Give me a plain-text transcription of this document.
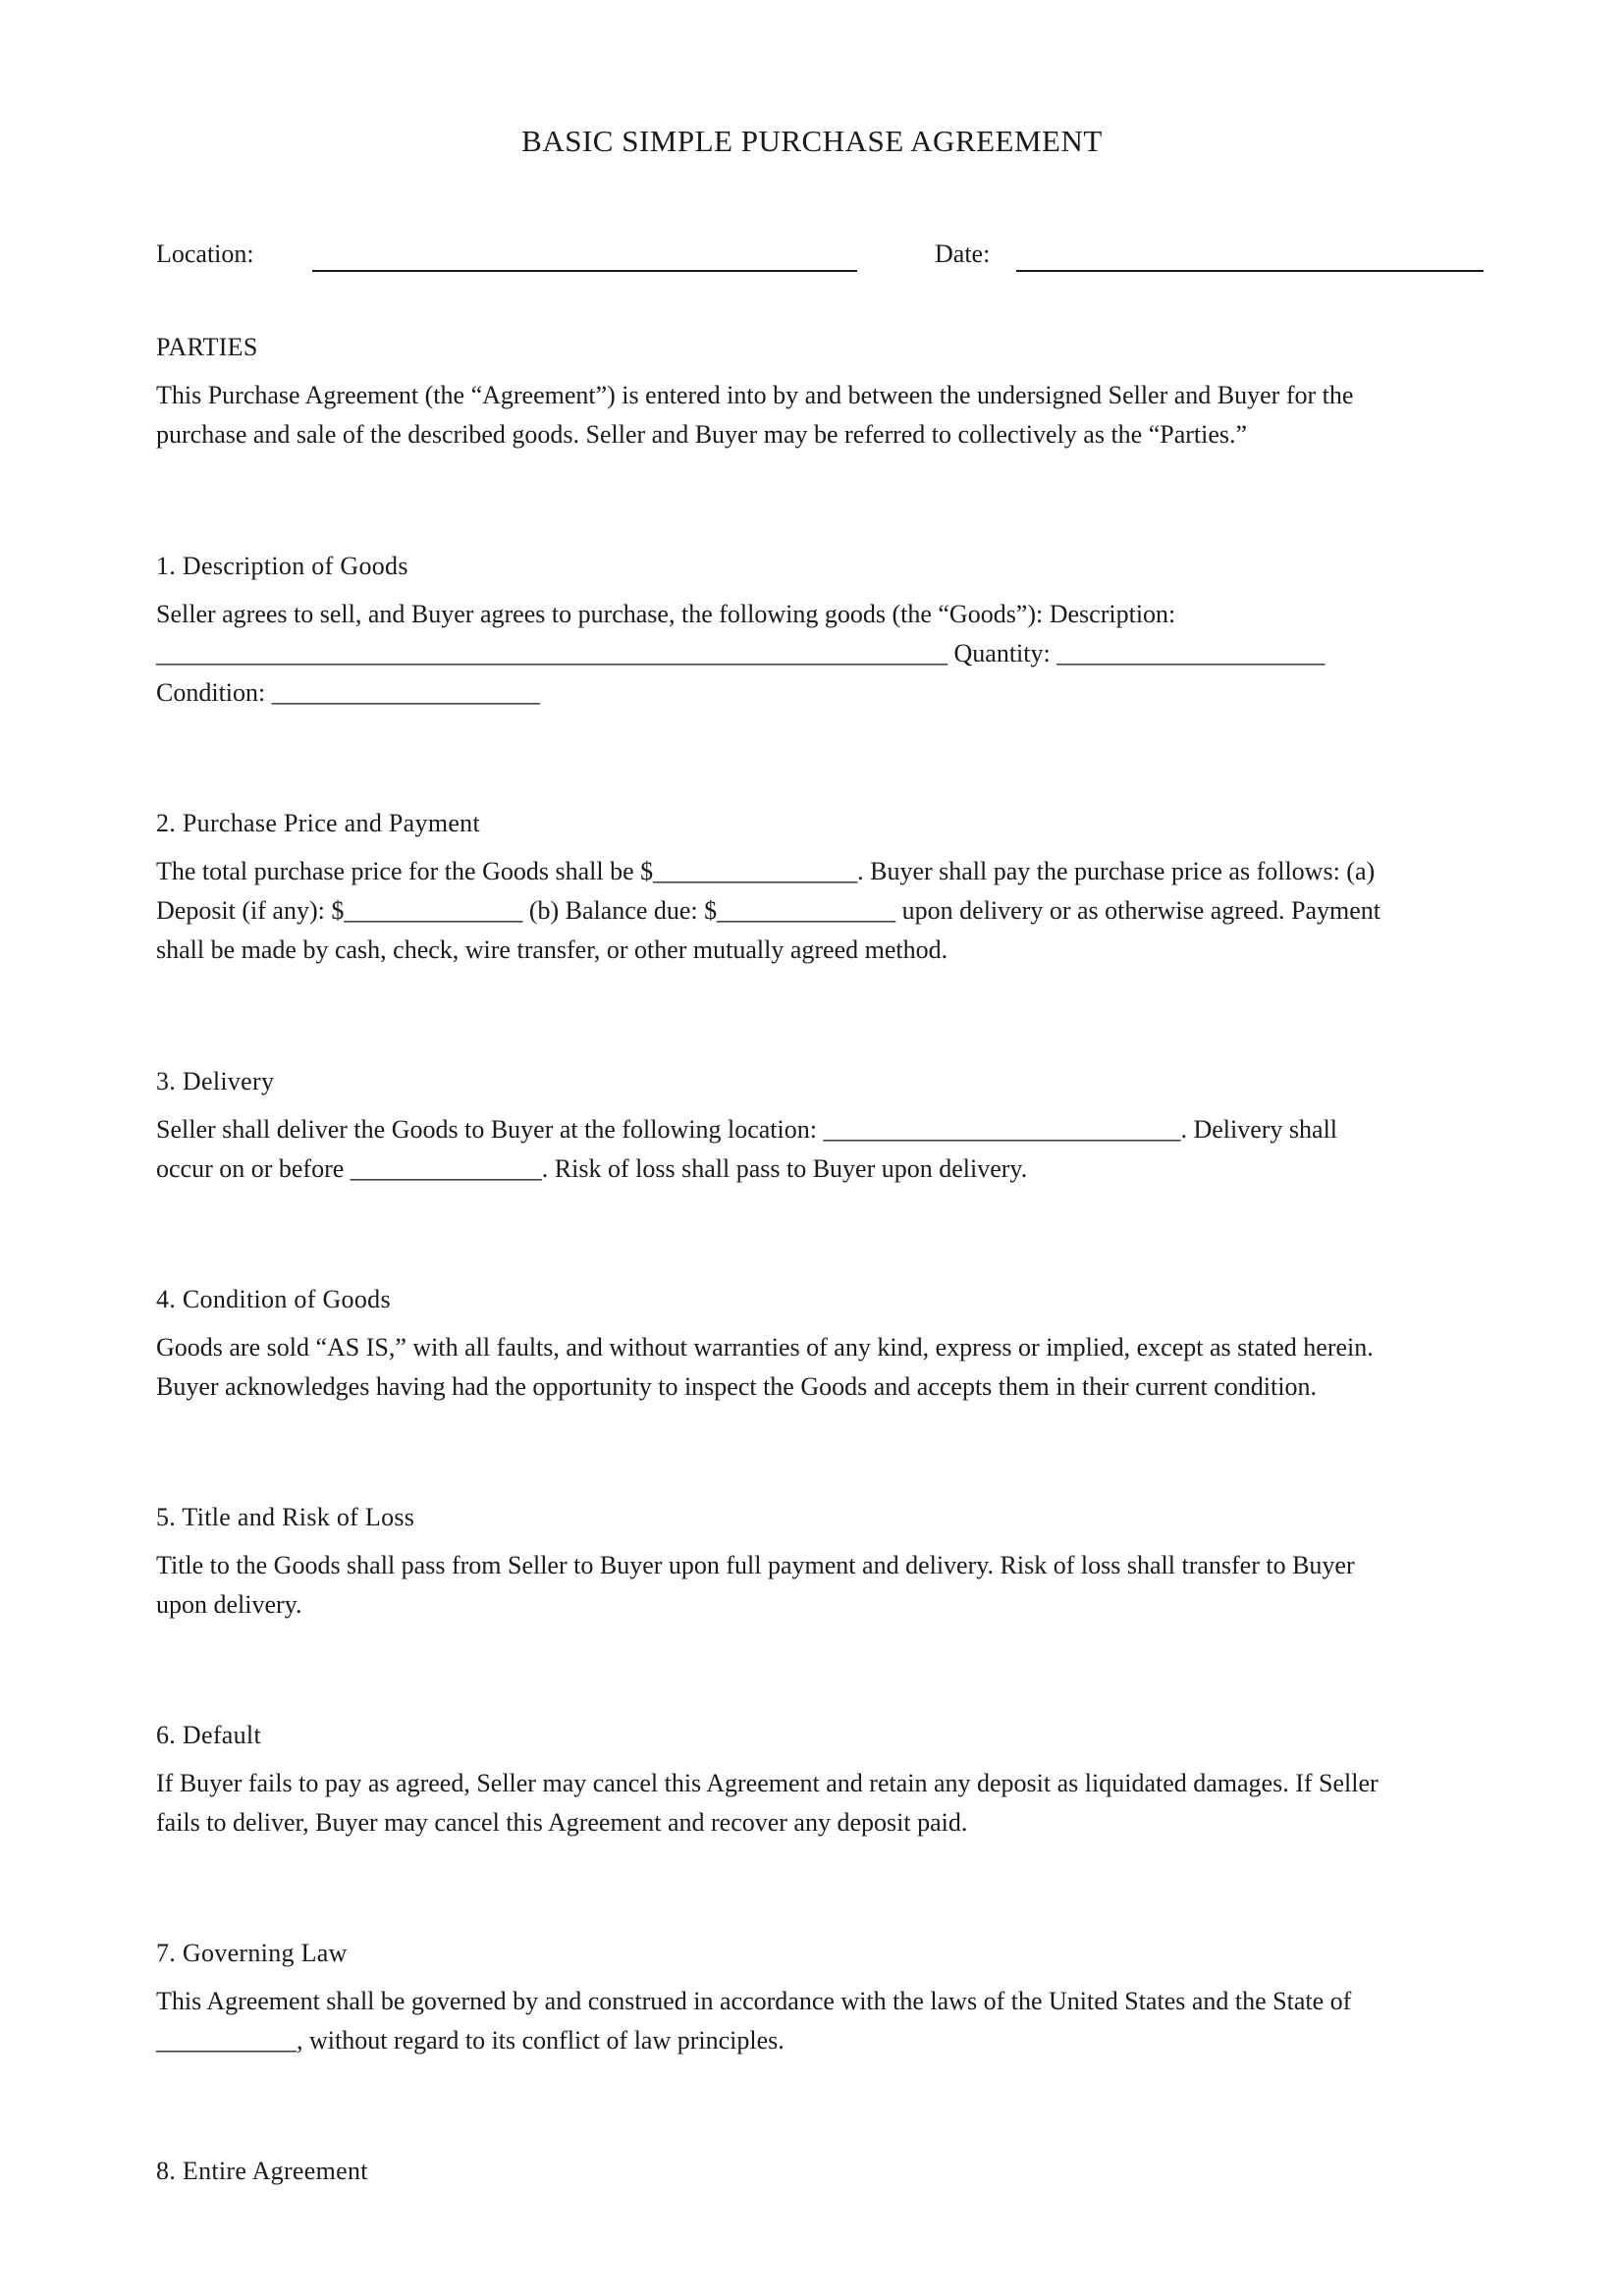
BASIC SIMPLE PURCHASE AGREEMENT
Location:	Date:
PARTIES

This Purchase Agreement (the “Agreement”) is entered into by and between the undersigned Seller and Buyer for the
purchase and sale of the described goods. Seller and Buyer may be referred to collectively as the “Parties.”

1. Description of Goods

Seller agrees to sell, and Buyer agrees to purchase, the following goods (the “Goods”): Description:
______________________________________________________________ Quantity: _____________________
Condition: _____________________

2. Purchase Price and Payment

The total purchase price for the Goods shall be $________________. Buyer shall pay the purchase price as follows: (a)
Deposit (if any): $______________ (b) Balance due: $______________ upon delivery or as otherwise agreed. Payment
shall be made by cash, check, wire transfer, or other mutually agreed method.

3. Delivery

Seller shall deliver the Goods to Buyer at the following location: ____________________________. Delivery shall
occur on or before _______________. Risk of loss shall pass to Buyer upon delivery.

4. Condition of Goods

Goods are sold “AS IS,” with all faults, and without warranties of any kind, express or implied, except as stated herein.
Buyer acknowledges having had the opportunity to inspect the Goods and accepts them in their current condition.

5. Title and Risk of Loss

Title to the Goods shall pass from Seller to Buyer upon full payment and delivery. Risk of loss shall transfer to Buyer
upon delivery.

6. Default

If Buyer fails to pay as agreed, Seller may cancel this Agreement and retain any deposit as liquidated damages. If Seller
fails to deliver, Buyer may cancel this Agreement and recover any deposit paid.

7. Governing Law

This Agreement shall be governed by and construed in accordance with the laws of the United States and the State of
___________, without regard to its conflict of law principles.

8. Entire Agreement
